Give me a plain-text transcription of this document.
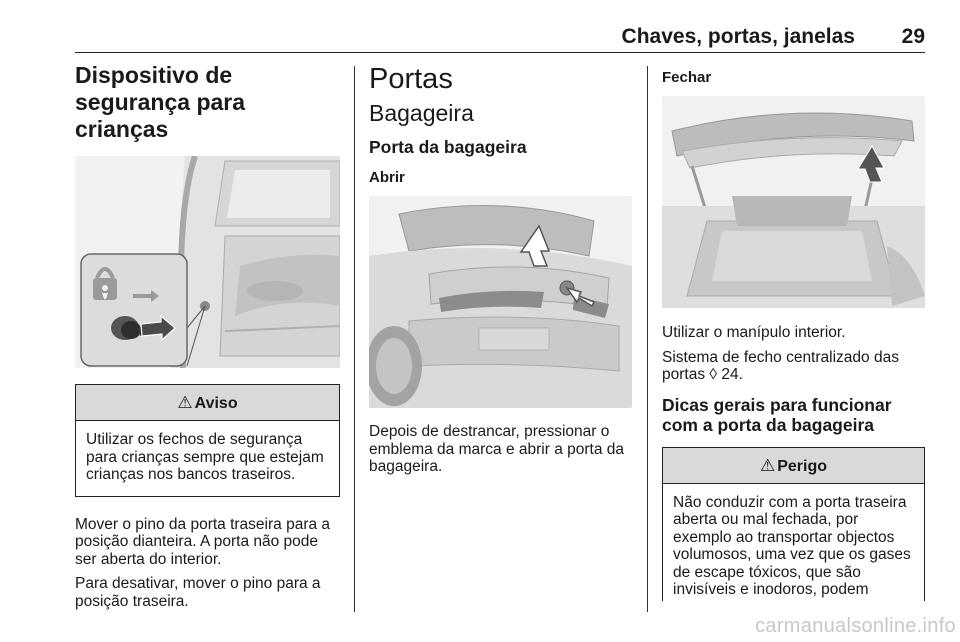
Chaves, portas, janelas 29
Dispositivo de segurança para crianças
⚠ Aviso
Utilizar os fechos de segurança para crianças sempre que estejam crianças nos bancos traseiros.

Mover o pino da porta traseira para a posição dianteira. A porta não pode ser aberta do interior.

Para desativar, mover o pino para a posição traseira.

Portas
Bagageira
Porta da bagageira
Abrir

Depois de destrancar, pressionar o emblema da marca e abrir a porta da bagageira.

Fechar

Utilizar o manípulo interior.

Sistema de fecho centralizado das portas ◊ 24.

Dicas gerais para funcionar com a porta da bagageira
⚠ Perigo
Não conduzir com a porta traseira aberta ou mal fechada, por exemplo ao transportar objectos volumosos, uma vez que os gases de escape tóxicos, que são invisíveis e inodoros, podem
carmanualsonline.info
